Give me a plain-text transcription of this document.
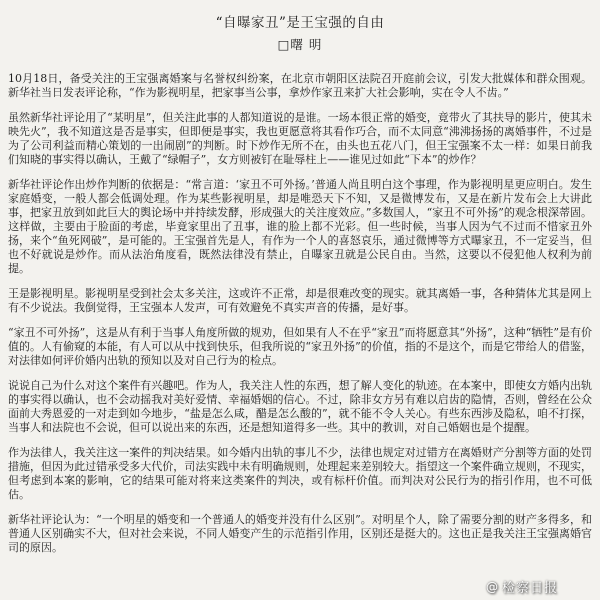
“自曝家丑”是王宝强的自由
□曙 明

10月18日，备受关注的王宝强离婚案与名誉权纠纷案，在北京市朝阳区法院召开庭前会议，引发大批媒体和群众围观。新华社当日发表评论称，“作为影视明星，把家事当公事，拿炒作家丑来扩大社会影响，实在令人不齿。”

虽然新华社评论用了“某明星”，但关注此事的人都知道说的是谁。一场本很正常的婚变，竟带火了其扶导的影片，使其未映先火”，我不知道这是否是事实，但即便是事实，我也更愿意将其看作巧合，而不太同意“沸沸扬扬的离婚事件，不过是为了公司利益而精心策划的一出闹剧”的判断。时下炒作无所不在，由头也五花八门，但王宝强案不太一样：如果日前我们知晓的事实得以确认，王戴了“绿帽子”，女方则被钉在耻辱柱上——谁见过如此“下本”的炒作？

新华社评论作出炒作判断的依据是：“常言道：‘家丑不可外扬。’普通人尚且明白这个事理，作为影视明星更应明白。发生家庭婚变，一般人都会低调处理。作为某些影视明星，却是唯恐天下不知，又是微博发布，又是在新片发布会上大讲此事，把家丑放到如此巨大的舆论场中并持续发酵，形成强大的关注度效应。”多数国人，“家丑不可外扬”的观念根深蒂固。这样做，主要由于脸面的考虑，毕竟家里出了丑事，谁的脸上都不光彩。但一些时候，当事人因为气不过而不惜家丑外扬，来个“鱼死网破”，是可能的。王宝强首先是人，有作为一个人的喜怒哀乐，通过微博等方式曝家丑，不一定妥当，但也不好就说是炒作。而从法治角度看，既然法律没有禁止，自曝家丑就是公民自由。当然，这要以不侵犯他人权利为前提。

王是影视明星。影视明星受到社会太多关注，这或许不正常，却是很难改变的现实。就其离婚一事，各种猜体尤其是网上有不少说法。我倒觉得，王宝强本人发声，可有效避免不真实声音的传播，是好事。

“家丑不可外扬”，这是从有利于当事人角度所做的规劝，但如果有人不在乎“家丑”而将愿意其“外扬”，这种“牺牲”是有价值的。人有偷窥的本能，有人可以从中找到快乐，但我所说的“家丑外扬”的价值，指的不是这个，而是它带给人的借鉴，对法律如何评价婚内出轨的预知以及对自己行为的检点。

说说自己为什么对这个案件有兴趣吧。作为人，我关注人性的东西，想了解人变化的轨迹。在本案中，即使女方婚内出轨的事实得以确认，也不会动摇我对美好爱情、幸福婚姻的信心。不过，除非女方另有难以启齿的隐情，否则，曾经在公众面前大秀恩爱的一对走到如今地步，“盐是怎么咸，醋是怎么酸的”，就不能不令人关心。有些东西涉及隐私，咱不打探，当事人和法院也不会说，但可以说出来的东西，还是想知道得多一些。其中的教训，对自己婚姻也是个提醒。

作为法律人，我关注这一案件的判决结果。如今婚内出轨的事儿不少，法律也规定对过错方在离婚财产分割等方面的处罚措施，但因为此过错承受多大代价，司法实践中未有明确规则，处理起来差别较大。指望这一个案件确立规则，不现实，但考虑到本案的影响，它的结果可能对将来这类案件的判决，或有标杆价值。而判决对公民行为的指引作用，也不可低估。

新华社评论认为：“一个明星的婚变和一个普通人的婚变并没有什么区别”。对明星个人，除了需要分割的财产多得多，和普通人区别确实不大，但对社会来说，不同人婚变产生的示范指引作用，区别还是挺大的。这也正是我关注王宝强离婚官司的原因。

@ 检察日报
